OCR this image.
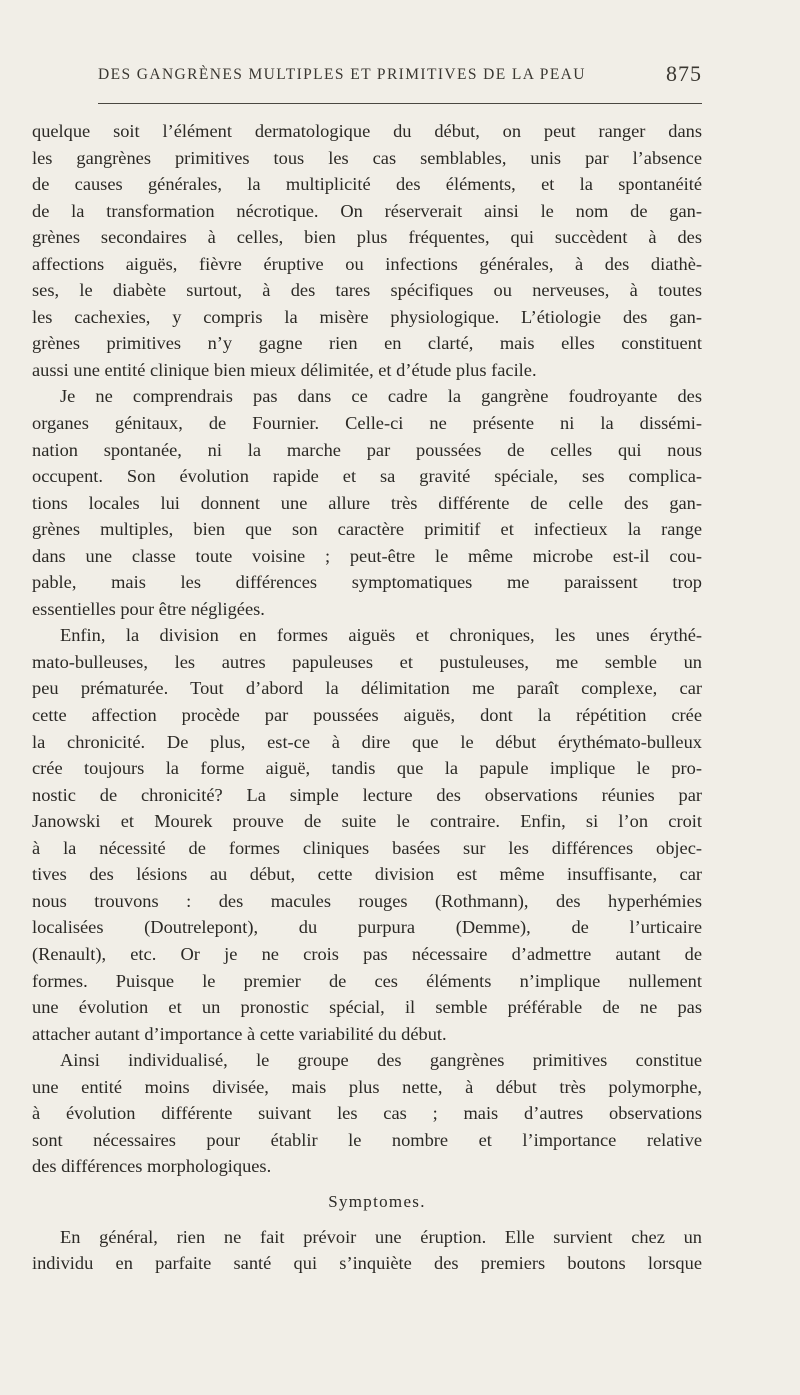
DES GANGRÈNES MULTIPLES ET PRIMITIVES DE LA PEAU	875
quelque soit l’élément dermatologique du début, on peut ranger dans
les gangrènes primitives tous les cas semblables, unis par l’absence
de causes générales, la multiplicité des éléments, et la spontanéité
de la transformation nécrotique. On réserverait ainsi le nom de gan-
grènes secondaires à celles, bien plus fréquentes, qui succèdent à des
affections aiguës, fièvre éruptive ou infections générales, à des diathè-
ses, le diabète surtout, à des tares spécifiques ou nerveuses, à toutes
les cachexies, y compris la misère physiologique. L’étiologie des gan-
grènes primitives n’y gagne rien en clarté, mais elles constituent
aussi une entité clinique bien mieux délimitée, et d’étude plus facile.
Je ne comprendrais pas dans ce cadre la gangrène foudroyante des
organes génitaux, de Fournier. Celle-ci ne présente ni la dissémi-
nation spontanée, ni la marche par poussées de celles qui nous
occupent. Son évolution rapide et sa gravité spéciale, ses complica-
tions locales lui donnent une allure très différente de celle des gan-
grènes multiples, bien que son caractère primitif et infectieux la range
dans une classe toute voisine ; peut-être le même microbe est-il cou-
pable, mais les différences symptomatiques me paraissent trop
essentielles pour être négligées.
Enfin, la division en formes aiguës et chroniques, les unes érythé-
mato-bulleuses, les autres papuleuses et pustuleuses, me semble un
peu prématurée. Tout d’abord la délimitation me paraît complexe, car
cette affection procède par poussées aiguës, dont la répétition crée
la chronicité. De plus, est-ce à dire que le début érythémato-bulleux
crée toujours la forme aiguë, tandis que la papule implique le pro-
nostic de chronicité? La simple lecture des observations réunies par
Janowski et Mourek prouve de suite le contraire. Enfin, si l’on croit
à la nécessité de formes cliniques basées sur les différences objec-
tives des lésions au début, cette division est même insuffisante, car
nous trouvons : des macules rouges (Rothmann), des hyperhémies
localisées (Doutrelepont), du purpura (Demme), de l’urticaire
(Renault), etc. Or je ne crois pas nécessaire d’admettre autant de
formes. Puisque le premier de ces éléments n’implique nullement
une évolution et un pronostic spécial, il semble préférable de ne pas
attacher autant d’importance à cette variabilité du début.
Ainsi individualisé, le groupe des gangrènes primitives constitue
une entité moins divisée, mais plus nette, à début très polymorphe,
à évolution différente suivant les cas ; mais d’autres observations
sont nécessaires pour établir le nombre et l’importance relative
des différences morphologiques.
Symptomes.
En général, rien ne fait prévoir une éruption. Elle survient chez un
individu en parfaite santé qui s’inquiète des premiers boutons lorsque
